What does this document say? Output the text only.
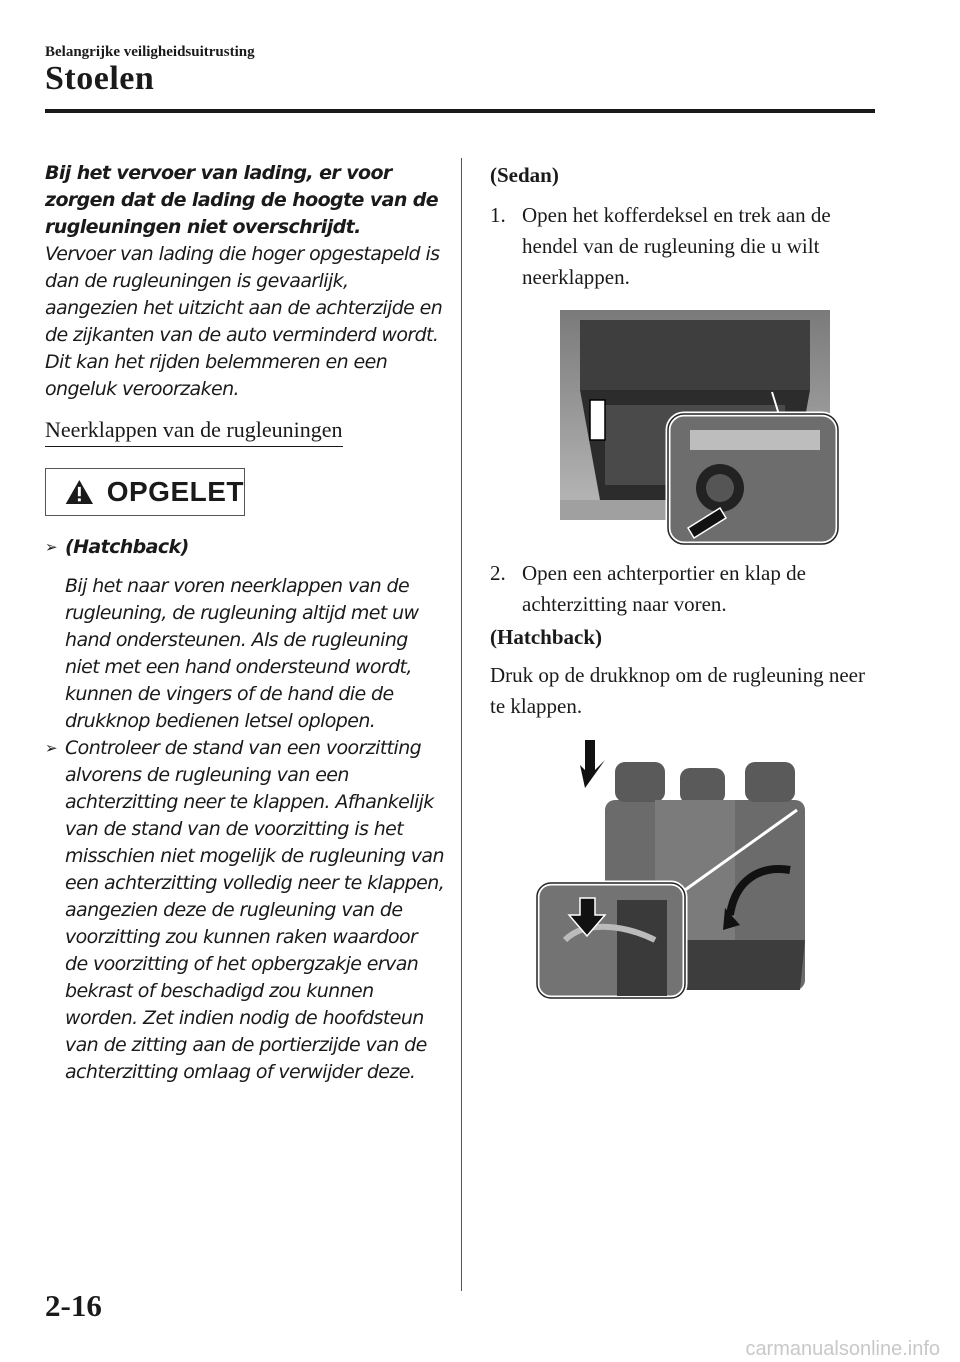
Belangrijke veiligheidsuitrusting
Stoelen
Bij het vervoer van lading, er voor zorgen dat de lading de hoogte van de rugleuningen niet overschrijdt.
Vervoer van lading die hoger opgestapeld is dan de rugleuningen is gevaarlijk, aangezien het uitzicht aan de achterzijde en de zijkanten van de auto verminderd wordt. Dit kan het rijden belemmeren en een ongeluk veroorzaken.
Neerklappen van de rugleuningen
OPGELET
➢ (Hatchback)
Bij het naar voren neerklappen van de rugleuning, de rugleuning altijd met uw hand ondersteunen. Als de rugleuning niet met een hand ondersteund wordt, kunnen de vingers of de hand die de drukknop bedienen letsel oplopen.
➢ Controleer de stand van een voorzitting alvorens de rugleuning van een achterzitting neer te klappen. Afhankelijk van de stand van de voorzitting is het misschien niet mogelijk de rugleuning van een achterzitting volledig neer te klappen, aangezien deze de rugleuning van de voorzitting zou kunnen raken waardoor de voorzitting of het opbergzakje ervan bekrast of beschadigd zou kunnen worden. Zet indien nodig de hoofdsteun van de zitting aan de portierzijde van de achterzitting omlaag of verwijder deze.
(Sedan)
1. Open het kofferdeksel en trek aan de hendel van de rugleuning die u wilt neerklappen.
2. Open een achterportier en klap de achterzitting naar voren.
(Hatchback)
Druk op de drukknop om de rugleuning neer te klappen.
2-16
carmanualsonline.info
